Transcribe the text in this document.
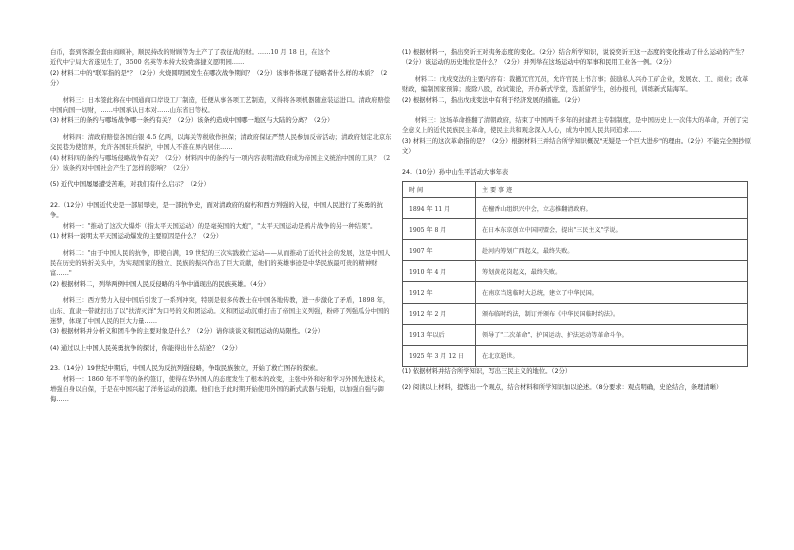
白币，套到客源全套由商顾补，顺民持改的财顾等为土产了了我征战的财。……10 月 18 日，在这个
近代中宁局大省遂见生了，3500 名英等本持大较费落捷义愿明园……
(2) 材料二中的"联军指的是"？（2分）火烧圆明园发生在哪次战争期间？（2分）该事件体现了侵略者什么样的本质？（2分）
材料三：日本签此称在中国通商口岸设工厂制造，任便从事各项工艺制造，又得将各项机器随意装运进口。清政府赔偿中国向国一切财，……中国承认日本对……山东省日等权。
(3) 材料三的条约与哪场战争哪一条约有关？（2分）该条约造成中国哪一地区与大陆的分离？（2分）
材料四：清政府赔偿各国白银 4.5 亿两，以海关等税收作担保；清政府保证严禁人民参加反帝活动；清政府划定北京东交民巷为使馆界，允许各国驻兵保护，中国人不准在界内居住……
(4) 材料四的条约与哪场侵略战争有关？（2分）材料四中的条约与一项内容表明清政府成为帝国主义统治中国的工具？（2分）该条约对中国社会产生了怎样的影响？（2分）
(5) 近代中国屡屡遭受苦难，对我们有什么启示？（2分）
22.（12分）中国近代史是一部屈辱史，是一部抗争史，面对清政府的腐朽和西方列强的入侵，中国人民进行了英勇的抗争。
材料一："推动了这次大爆炸（指太平天国运动）的是毫英国的大炮"，"太平天国运动是鸦片战争的另一种结果"。
(1) 材料一说明太平天国运动爆发的主要原因是什么？（2分）
材料二："由于中国人民的抗争，即使自满，19 世纪的三次实践救亡运动——从而推动了近代社会的发展，这是中国人民在历史的转折关头中，为实现国家的独立、民族的振兴作出了巨大贡献，他们的英雄事迹是中华民族最可贵的精神财富……"
(2) 根据材料二，列举两例中国人民反侵略的斗争中涌现出的民族英雄。（4分）
材料三：西方势力入侵中国后引发了一系列冲突，特别是很多传教士在中国各地传教，进一步激化了矛盾，1898 年，山东、直隶一带就打出了以"扶清灭洋"为口号的义和团运动。义和团运动沉重打击了帝国主义列强，粉碎了列强瓜分中国的迷梦，体现了中国人民的巨大力量……
(3) 根据材料并分析义和团斗争的主要对象是什么？（2分）请你谈谈义和团运动的局限性。（2分）
(4) 通过以上中国人民英勇抗争的探讨，你能得出什么结论？（2分）
23.（14分）19世纪中期后，中国人民为反抗列强侵略，争取民族独立，开始了救亡图存的探索。
材料一：1860 年不平等的条约签订，使得在华外国人的态度发生了根本的改变，主张中外和好和学习外国先进技术，增强自身以自保，于是在中国兴起了洋务运动的浪潮。他们也于此时期开始使用外国的新式武器与轮船，以加强自强与御侮……
(1) 根据材料一，指出奕䜣王对夷务态度的变化。（2分）结合所学知识，说说奕䜣王这一态度的变化推动了什么运动的产生？（2分）该运动的历史地位是什么？（2分）并列举在这场运动中的军事和民用工业各一例。（2分）
材料二：戊戌变法的主要内容有：裁撤冗官冗员，允许官民上书言事；鼓励私人兴办工矿企业，发展农、工、商业；改革财政，编制国家预算；废除八股，改试策论，开办新式学堂，选派留学生，创办报刊，训练新式陆海军。
(2) 根据材料二，指出戊戌变法中有利于经济发展的措施。（2分）
材料三：这场革命推翻了清朝政府，结束了中国两千多年的封建君主专制制度，是中国历史上一次伟大的革命，开创了完全意义上的近代民族民主革命，使民主共和观念深入人心，成为中国人民共同追求……
(3) 材料三的这次革命指的是？（2分）根据材料三并结合所学知识概况"无疑是一个巨大进步"的理由。（2分）不能完全照抄原文）
24.（10分）孙中山生平活动大事年表
时 间	主 要 事 迹
1894 年 11 月	在檀香山组织兴中会，立志推翻清政府。
1905 年 8 月	在日本东京创立中国同盟会，提出"三民主义"学说。
1907 年	赴河内筹划广西起义，最终失败。
1910 年 4 月	筹划黄花岗起义，最终失败。
1912 年	在南京当选临时大总统，建立了中华民国。
1912 年 2 月	颁布临时约法，制订并颁布《中华民国临时约法》。
1913 年以后	领导了"二次革命"、护国运动、护法运动等革命斗争。
1925 年 3 月 12 日	在北京逝世。
(1) 依据材料并结合所学知识，写出三民主义的地位。（2分）
(2) 阅读以上材料，提炼出一个观点，结合材料和所学知识加以论述。（8分要求：观点明确，史论结合，条理清晰）
